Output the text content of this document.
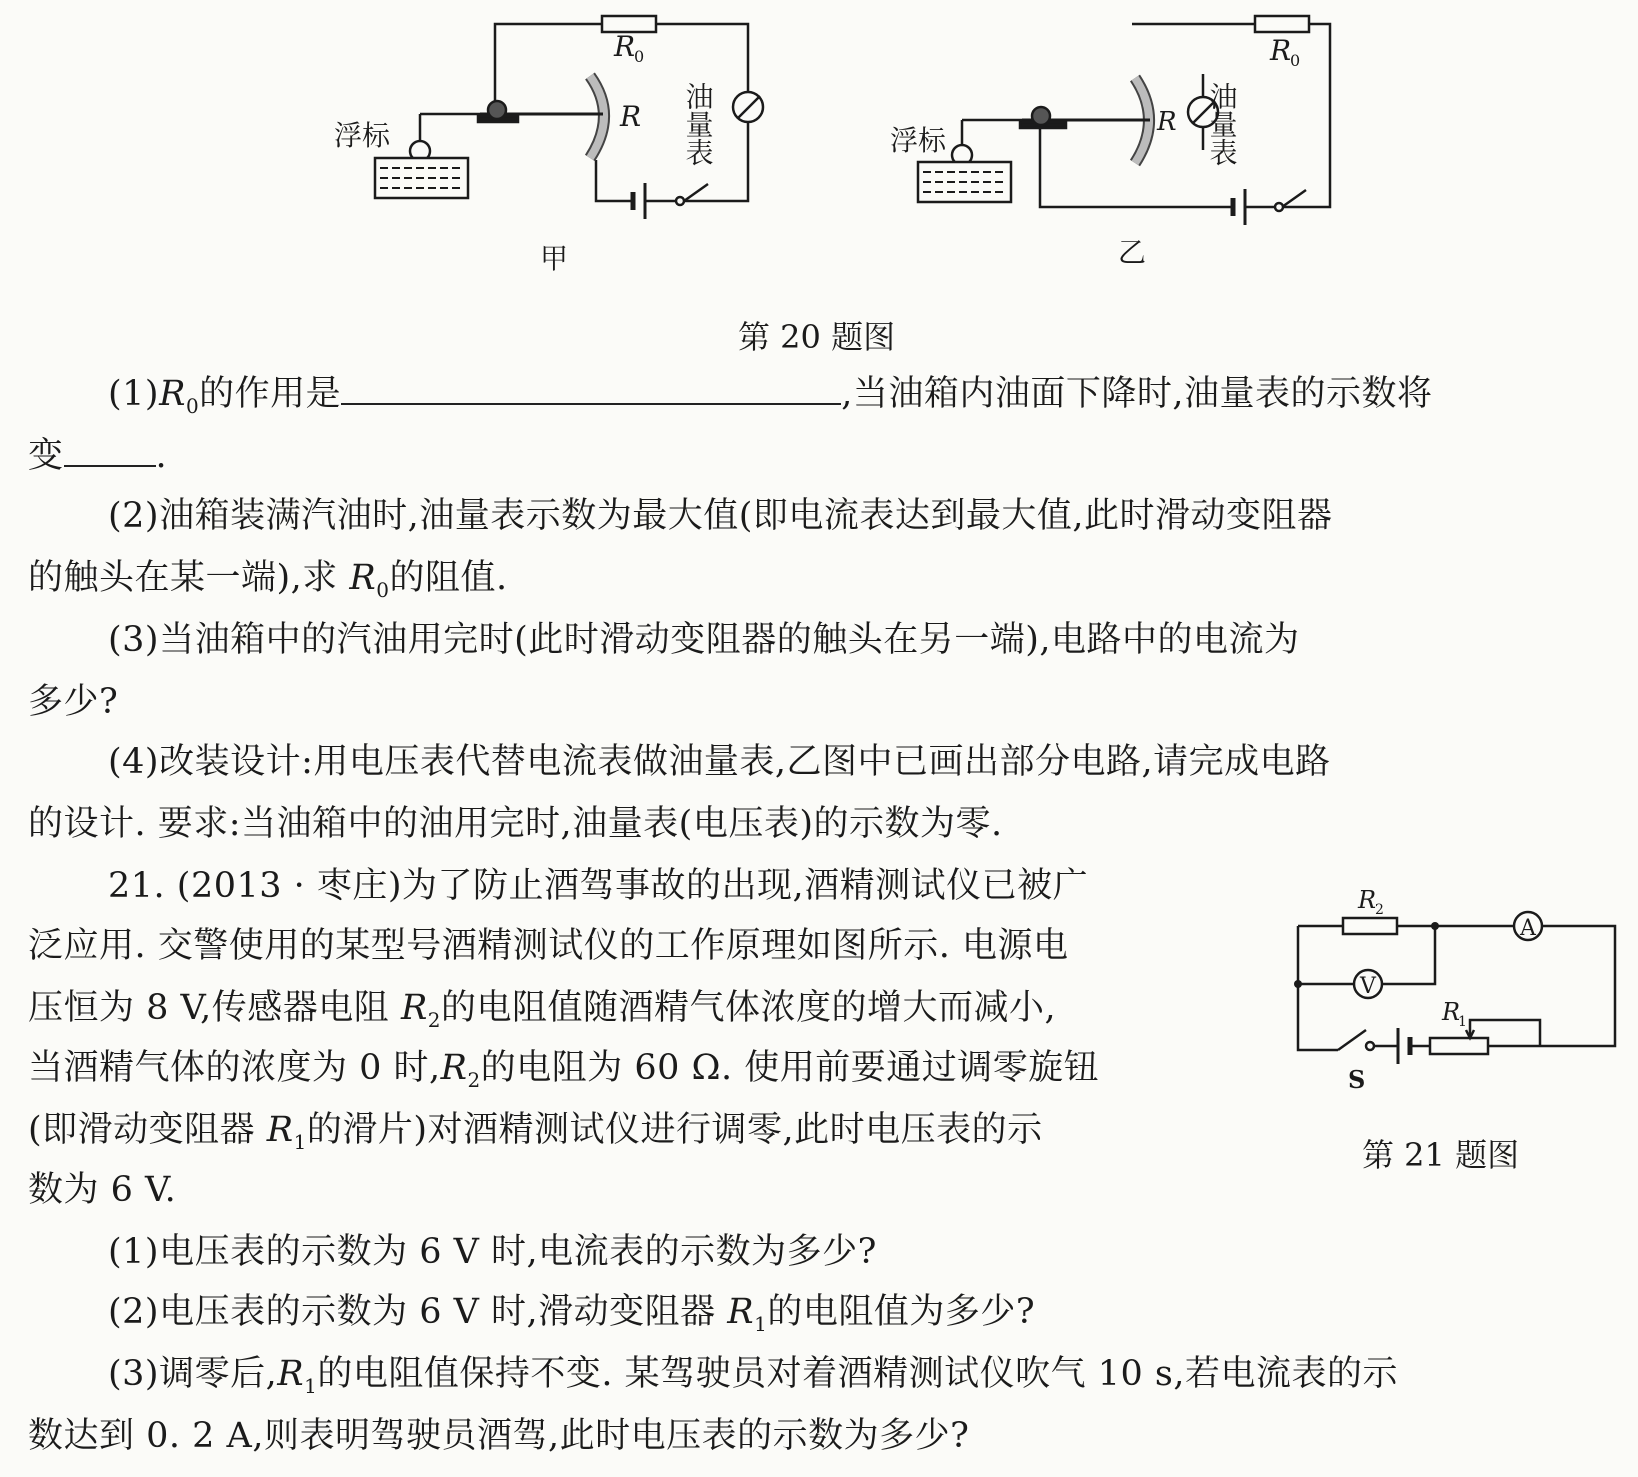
R
0
R
浮标	油量表
甲
R
0
R
浮标	油量表
乙
第 20 题图
$(1)R_0$的作用是	,当油箱内油面下降时,油量表的示数将
变	.
(2)油箱装满汽油时,油量表示数为最大值(即电流表达到最大值,此时滑动变阻器
的触头在某一端),求 $R_0$的阻值.
(3)当油箱中的汽油用完时(此时滑动变阻器的触头在另一端),电路中的电流为
多少?
(4)改装设计:用电压表代替电流表做油量表,乙图中已画出部分电路,请完成电路
的设计. 要求:当油箱中的油用完时,油量表(电压表)的示数为零.
21. (2013 · 枣庄)为了防止酒驾事故的出现,酒精测试仪已被广
泛应用. 交警使用的某型号酒精测试仪的工作原理如图所示. 电源电
压恒为 8 V,传感器电阻 $R_2$的电阻值随酒精气体浓度的增大而减小,
当酒精气体的浓度为 0 时$,R_2$的电阻为 60 Ω. 使用前要通过调零旋钮
(即滑动变阻器 $R_1$的滑片)对酒精测试仪进行调零,此时电压表的示
数为 6 V.
(1)电压表的示数为 6 V 时,电流表的示数为多少?
(2)电压表的示数为 6 V 时,滑动变阻器 $R_1$的电阻值为多少?
(3)调零后$,R_1$的电阻值保持不变. 某驾驶员对着酒精测试仪吹气 10 s,若电流表的示
数达到 0. 2 A,则表明驾驶员酒驾,此时电压表的示数为多少?
R
2
R
1
A
V
S
第 21 题图
